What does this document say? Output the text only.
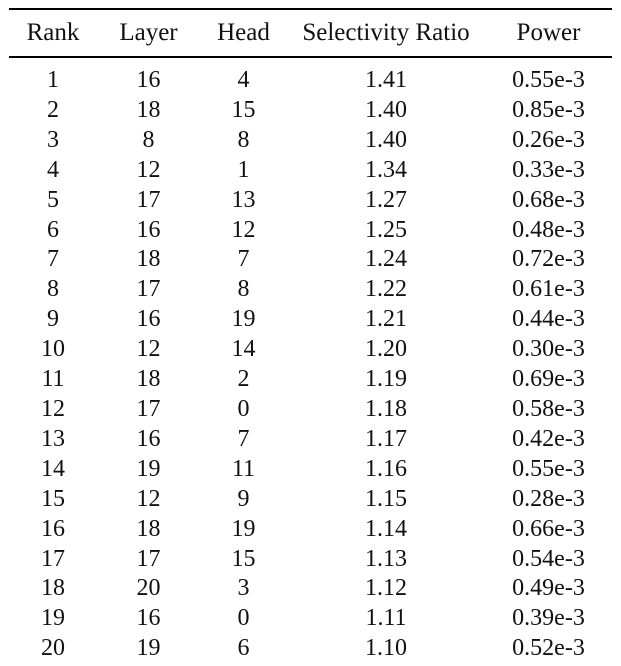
Rank	Layer	Head	Selectivity Ratio	Power
1	16	4	1.41	0.55e-3
2	18	15	1.40	0.85e-3
3	8	8	1.40	0.26e-3
4	12	1	1.34	0.33e-3
5	17	13	1.27	0.68e-3
6	16	12	1.25	0.48e-3
7	18	7	1.24	0.72e-3
8	17	8	1.22	0.61e-3
9	16	19	1.21	0.44e-3
10	12	14	1.20	0.30e-3
11	18	2	1.19	0.69e-3
12	17	0	1.18	0.58e-3
13	16	7	1.17	0.42e-3
14	19	11	1.16	0.55e-3
15	12	9	1.15	0.28e-3
16	18	19	1.14	0.66e-3
17	17	15	1.13	0.54e-3
18	20	3	1.12	0.49e-3
19	16	0	1.11	0.39e-3
20	19	6	1.10	0.52e-3
